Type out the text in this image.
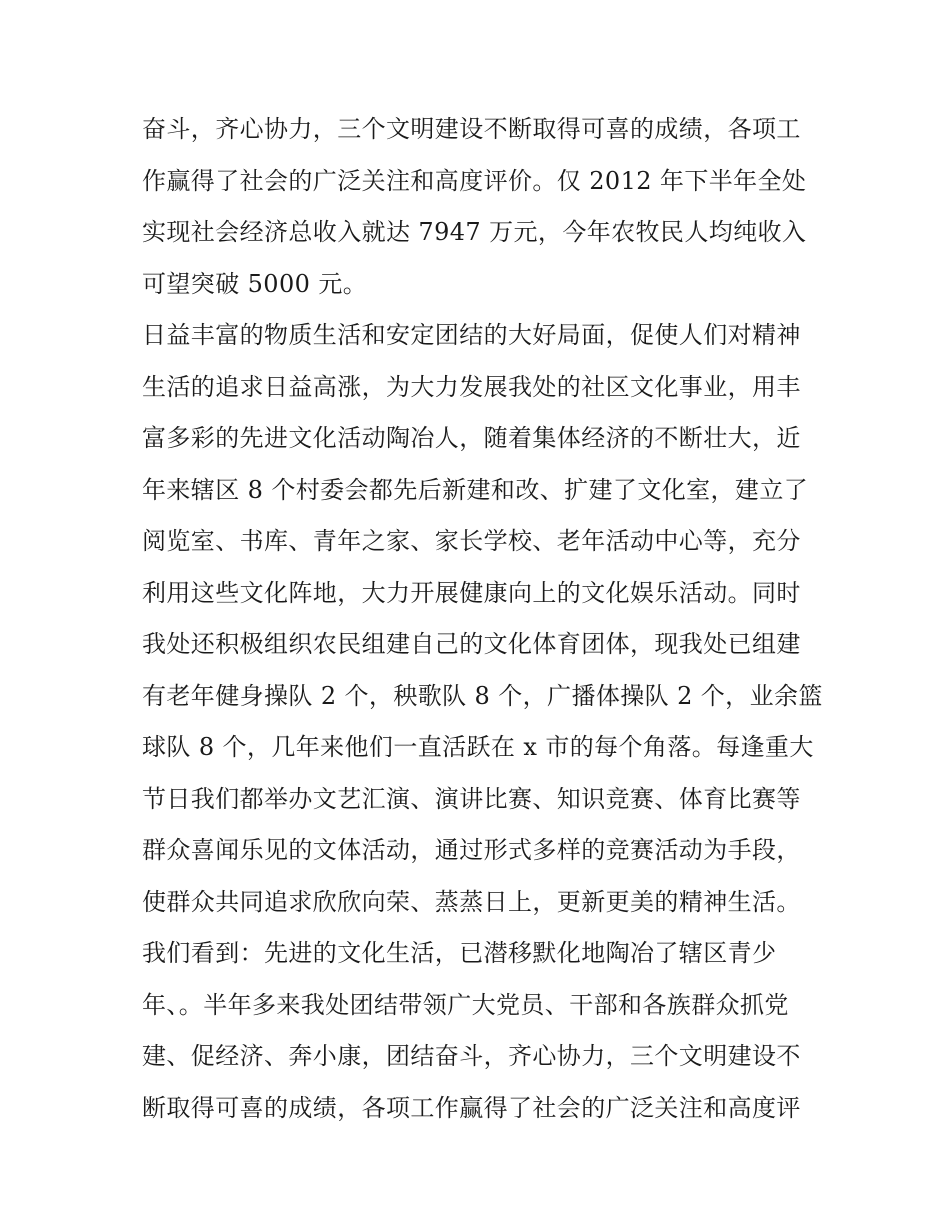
奋斗，齐心协力，三个文明建设不断取得可喜的成绩，各项工
作赢得了社会的广泛关注和高度评价。仅 2012 年下半年全处
实现社会经济总收入就达 7947 万元，今年农牧民人均纯收入
可望突破 5000 元。
日益丰富的物质生活和安定团结的大好局面，促使人们对精神
生活的追求日益高涨，为大力发展我处的社区文化事业，用丰
富多彩的先进文化活动陶冶人，随着集体经济的不断壮大，近
年来辖区 8 个村委会都先后新建和改、扩建了文化室，建立了
阅览室、书库、青年之家、家长学校、老年活动中心等，充分
利用这些文化阵地，大力开展健康向上的文化娱乐活动。同时
我处还积极组织农民组建自己的文化体育团体，现我处已组建
有老年健身操队 2 个，秧歌队 8 个，广播体操队 2 个，业余篮
球队 8 个，几年来他们一直活跃在 x 市的每个角落。每逢重大
节日我们都举办文艺汇演、演讲比赛、知识竞赛、体育比赛等
群众喜闻乐见的文体活动，通过形式多样的竞赛活动为手段，
使群众共同追求欣欣向荣、蒸蒸日上，更新更美的精神生活。
我们看到：先进的文化生活，已潜移默化地陶冶了辖区青少
年、。半年多来我处团结带领广大党员、干部和各族群众抓党
建、促经济、奔小康，团结奋斗，齐心协力，三个文明建设不
断取得可喜的成绩，各项工作赢得了社会的广泛关注和高度评
